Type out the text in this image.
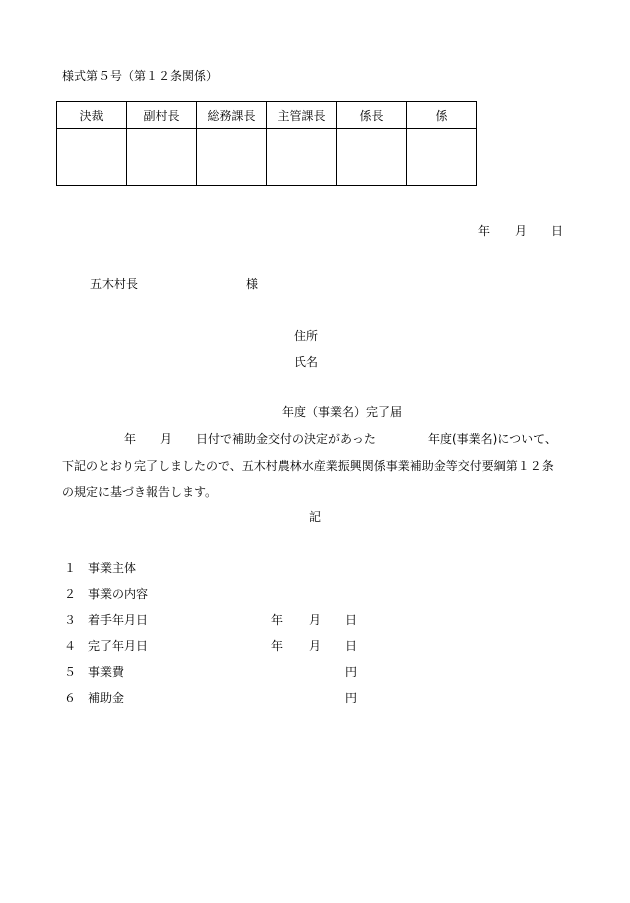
様式第５号（第１２条関係）
決裁	副村長	総務課長	主管課長	係長	係

年 月 日
五木村長	様
住所
氏名
年度（事業名）完了届
年 月 日付で補助金交付の決定があった	年度(事業名)について、
下記のとおり完了しましたので、五木村農林水産業振興関係事業補助金等交付要綱第１２条
の規定に基づき報告します。
記
１ 事業主体
２ 事業の内容
３ 着手年月日	年 月 日
４ 完了年月日	年 月 日
５ 事業費	円
６ 補助金	円
